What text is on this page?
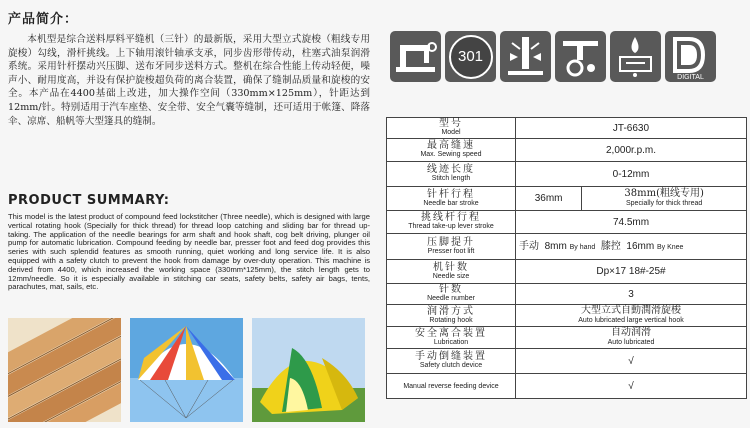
产品简介：

本机型是综合送料厚料平缝机（三针）的最新版，采用大型立式旋梭（粗线专用旋梭）勾线，滑杆挑线。上下轴用滚针轴承支承，同步齿形带传动，柱塞式油泵润滑系统。采用针杆摆动兴压脚、送布牙同步送料方式。整机在综合性能上传动轻便，噪声小、耐用度高，并设有保护旋梭超负荷的离合装置，确保了缝制品质量和旋梭的安全。本产品在4400基础上改进，加大操作空间（330mm×125mm），针距达到12mm/针。特别适用于汽车座垫、安全带、安全气囊等缝制，还可适用于帐篷、降落伞、凉席、船帆等大型篷具的缝制。

PRODUCT SUMMARY:

This model is the latest product of compound feed lockstitcher (Three needle), which is designed with large vertical rotating hook (Specially for thick thread) for thread loop catching and sliding bar for thread up-taking. The application of the needle bearings for arm shaft and hook shaft, cog belt driving, plunger oil pump for automatic lubrication. Compound feeding by needle bar, presser foot and feed dog provides this series with such splendid features as smooth running, quiet working and long service life. It is also equipped with a safety clutch to prevent the hook from damage by over-duty operation. This machine is derived from 4400, which increased the working space (330mm*125mm), the stitch length gets to 12mm/needle. So it is especially available in stitching car seats, safety belts, safety air bags, tents, parachutes, mat, sails, etc.

301
DIGITAL
型号
Model	JT-6630	

最高缝速
Max. Sewing speed	2,000r.p.m.	

线迹长度
Stitch length	0-12mm	

针杆行程
Needle bar stroke	36mm	38mm(粗线专用)
Specially for thick thread

挑线杆行程
Thread take-up lever stroke	74.5mm	

压脚提升
Presser foot lift	手动 8mm By hand 膝控 16mm By Knee	

机针数
Needle size	Dp×17 18#-25#	

针数
Needle number	3	

润滑方式
Rotating hook	大型立式自動潤滑旋梭
Auto lubricated large vertical hook	

安全离合装置
Lubrication	自动润滑
Auto lubricated	

手动倒缝装置
Safety clutch device	√	

Manual reverse feeding device	√	
